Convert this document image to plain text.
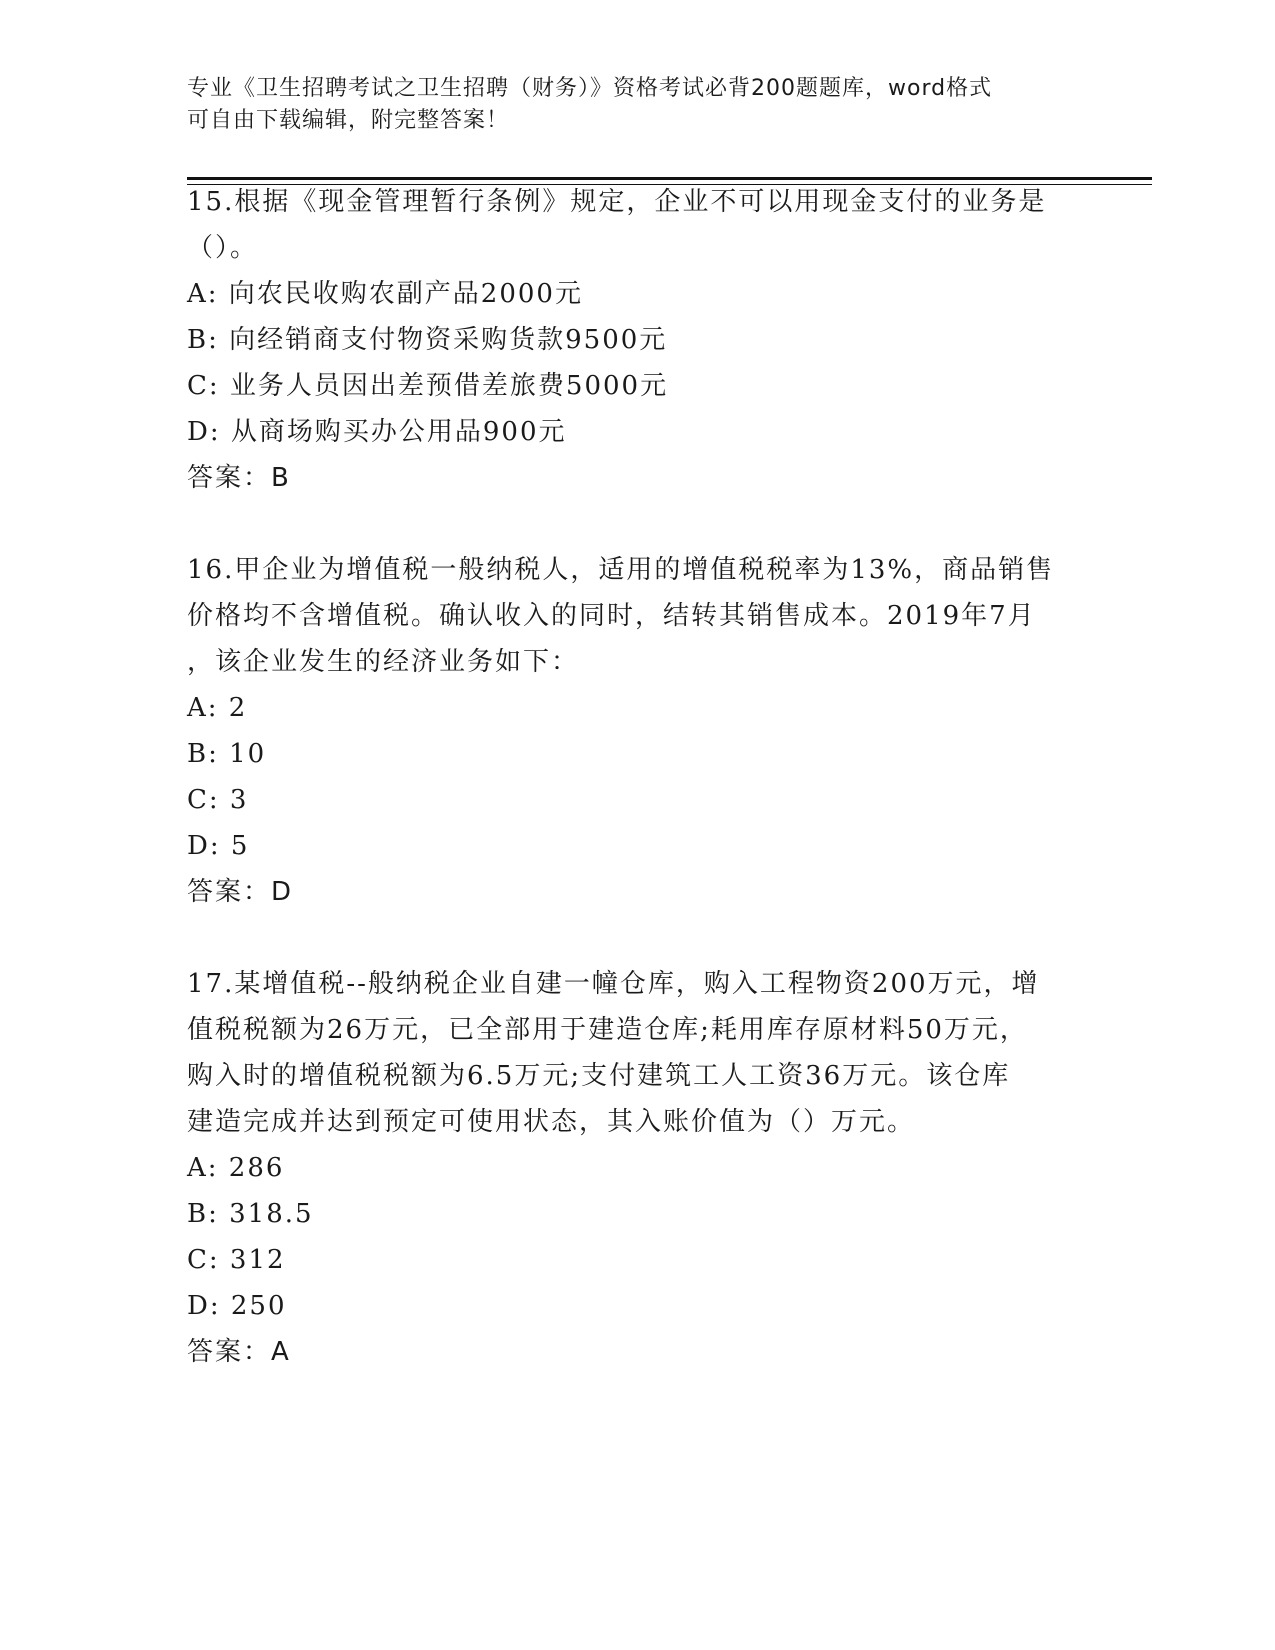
专业《卫生招聘考试之卫生招聘（财务）》资格考试必背200题题库，word格式
可自由下载编辑，附完整答案！
15.根据《现金管理暂行条例》规定，企业不可以用现金支付的业务是
（）。
A: 向农民收购农副产品2000元
B: 向经销商支付物资采购货款9500元
C: 业务人员因出差预借差旅费5000元
D: 从商场购买办公用品900元
答案：B
16.甲企业为增值税一般纳税人，适用的增值税税率为13%，商品销售
价格均不含增值税。确认收入的同时，结转其销售成本。2019年7月
，该企业发生的经济业务如下：
A: 2
B: 10
C: 3
D: 5
答案：D
17.某增值税--般纳税企业自建一幢仓库，购入工程物资200万元，增
值税税额为26万元，已全部用于建造仓库;耗用库存原材料50万元，
购入时的增值税税额为6.5万元;支付建筑工人工资36万元。该仓库
建造完成并达到预定可使用状态，其入账价值为（）万元。
A: 286
B: 318.5
C: 312
D: 250
答案：A
